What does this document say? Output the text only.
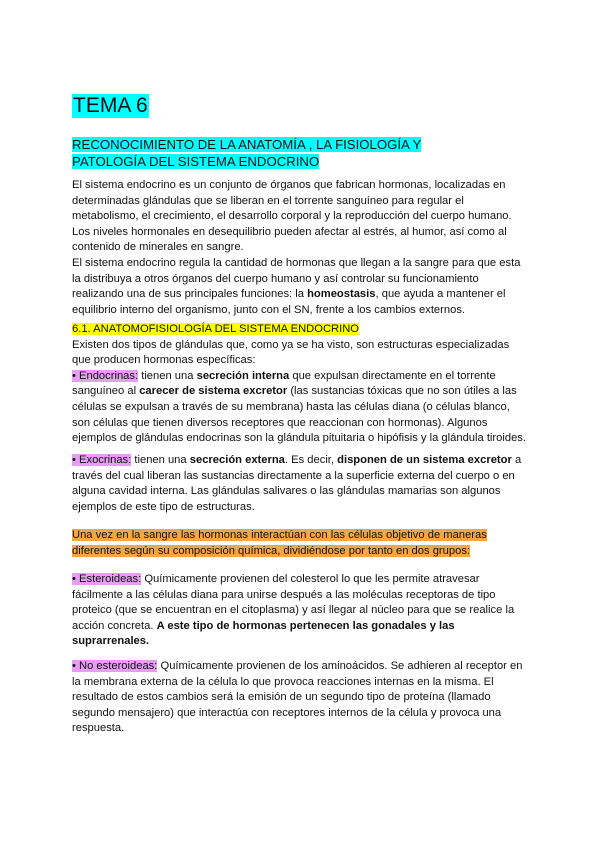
TEMA 6
RECONOCIMIENTO DE LA ANATOMÍA , LA FISIOLOGÍA Y PATOLOGÍA DEL SISTEMA ENDOCRINO

El sistema endocrino es un conjunto de órganos que fabrican hormonas, localizadas en determinadas glándulas que se liberan en el torrente sanguíneo para regular el metabolismo, el crecimiento, el desarrollo corporal y la reproducción del cuerpo humano. Los niveles hormonales en desequilibrio pueden afectar al estrés, al humor, así como al contenido de minerales en sangre.

El sistema endocrino regula la cantidad de hormonas que llegan a la sangre para que esta la distribuya a otros órganos del cuerpo humano y así controlar su funcionamiento realizando una de sus principales funciones: la homeostasis, que ayuda a mantener el equilibrio interno del organismo, junto con el SN, frente a los cambios externos.

6.1. ANATOMOFISIOLOGÍA DEL SISTEMA ENDOCRINO

Existen dos tipos de glándulas que, como ya se ha visto, son estructuras especializadas que producen hormonas específicas:

• Endocrinas: tienen una secreción interna que expulsan directamente en el torrente sanguíneo al carecer de sistema excretor (las sustancias tóxicas que no son útiles a las células se expulsan a través de su membrana) hasta las células diana (o células blanco, son células que tienen diversos receptores que reaccionan con hormonas). Algunos ejemplos de glándulas endocrinas son la glándula pituitaria o hipófisis y la glándula tiroides.

• Exocrinas: tienen una secreción externa. Es decir, disponen de un sistema excretor a través del cual liberan las sustancias directamente a la superficie externa del cuerpo o en alguna cavidad interna. Las glándulas salivares o las glándulas mamarias son algunos ejemplos de este tipo de estructuras.

Una vez en la sangre las hormonas interactúan con las células objetivo de maneras diferentes según su composición química, dividiéndose por tanto en dos grupos:

• Esteroideas: Químicamente provienen del colesterol lo que les permite atravesar fácilmente a las células diana para unirse después a las moléculas receptoras de tipo proteico (que se encuentran en el citoplasma) y así llegar al núcleo para que se realice la acción concreta. A este tipo de hormonas pertenecen las gonadales y las suprarrenales.

• No esteroideas: Químicamente provienen de los aminoácidos. Se adhieren al receptor en la membrana externa de la célula lo que provoca reacciones internas en la misma. El resultado de estos cambios será la emisión de un segundo tipo de proteína (llamado segundo mensajero) que interactúa con receptores internos de la célula y provoca una respuesta.
